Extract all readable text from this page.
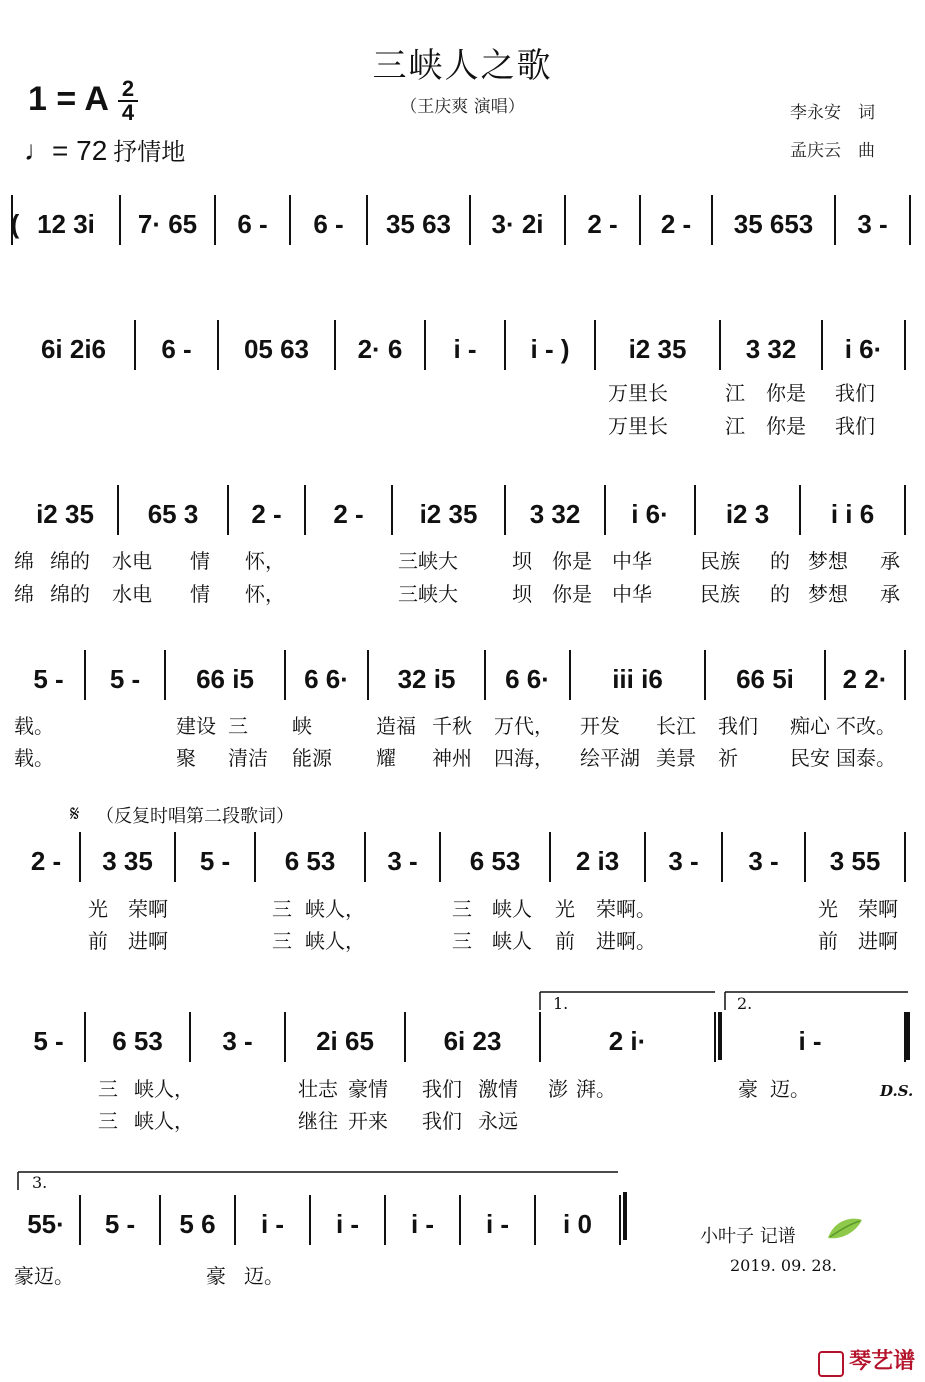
三峡人之歌
（王庆爽 演唱）
1 = A 2
4
♩= 72 抒情地
李永安　词
孟庆云　曲
( 12 3i 7· 65 6 - 6 - 35 63 3· 2i 2 - 2 - 35 653 3 -
6i 2i6 6 - 05 63 2· 6 i - i - ) i2 35 3 32 i 6·
i2 35 65 3 2 - 2 - i2 35 3 32 i 6· i2 3 i i 6
5 - 5 - 66 i5 6 6· 32 i5 6 6· iii i6	66 5i 2 2·
2 - 3 35 5 - 6 53 3 - 6 53 2 i3 3 - 3 - 3 55
5 - 6 53 3 - 2i 65	6i 23	2 i·	i -
55· 5 - 5 6 i - i - i - i - i 0
万里长	江 你是 我们
万里长	江 你是 我们
绵 绵的 水电 情 怀，	三峡大	坝 你是 中华 民族 的 梦想 承
绵 绵的 水电 情 怀，	三峡大	坝 你是 中华 民族 的 梦想 承
载。	建设 三 峡	造福 千秋 万代， 开发 长江 我们 痴心 不改。
载。	聚 清洁 能源 耀 神州 四海， 绘平湖 美景 祈	民安 国泰。
光 荣啊	三 峡人，	三 峡人 光 荣啊。	光 荣啊
前 进啊	三 峡人，	三 峡人 前 进啊。	前 进啊
三 峡人，	壮志 豪情 我们 激情 澎 湃。	豪 迈。
三 峡人，	继往 开来 我们 永远
豪迈。	豪 迈。
𝄋 （反复时唱第二段歌词）
1.	2.
3.
D.S.
小叶子 记谱
2019. 09. 28.
琴艺谱
